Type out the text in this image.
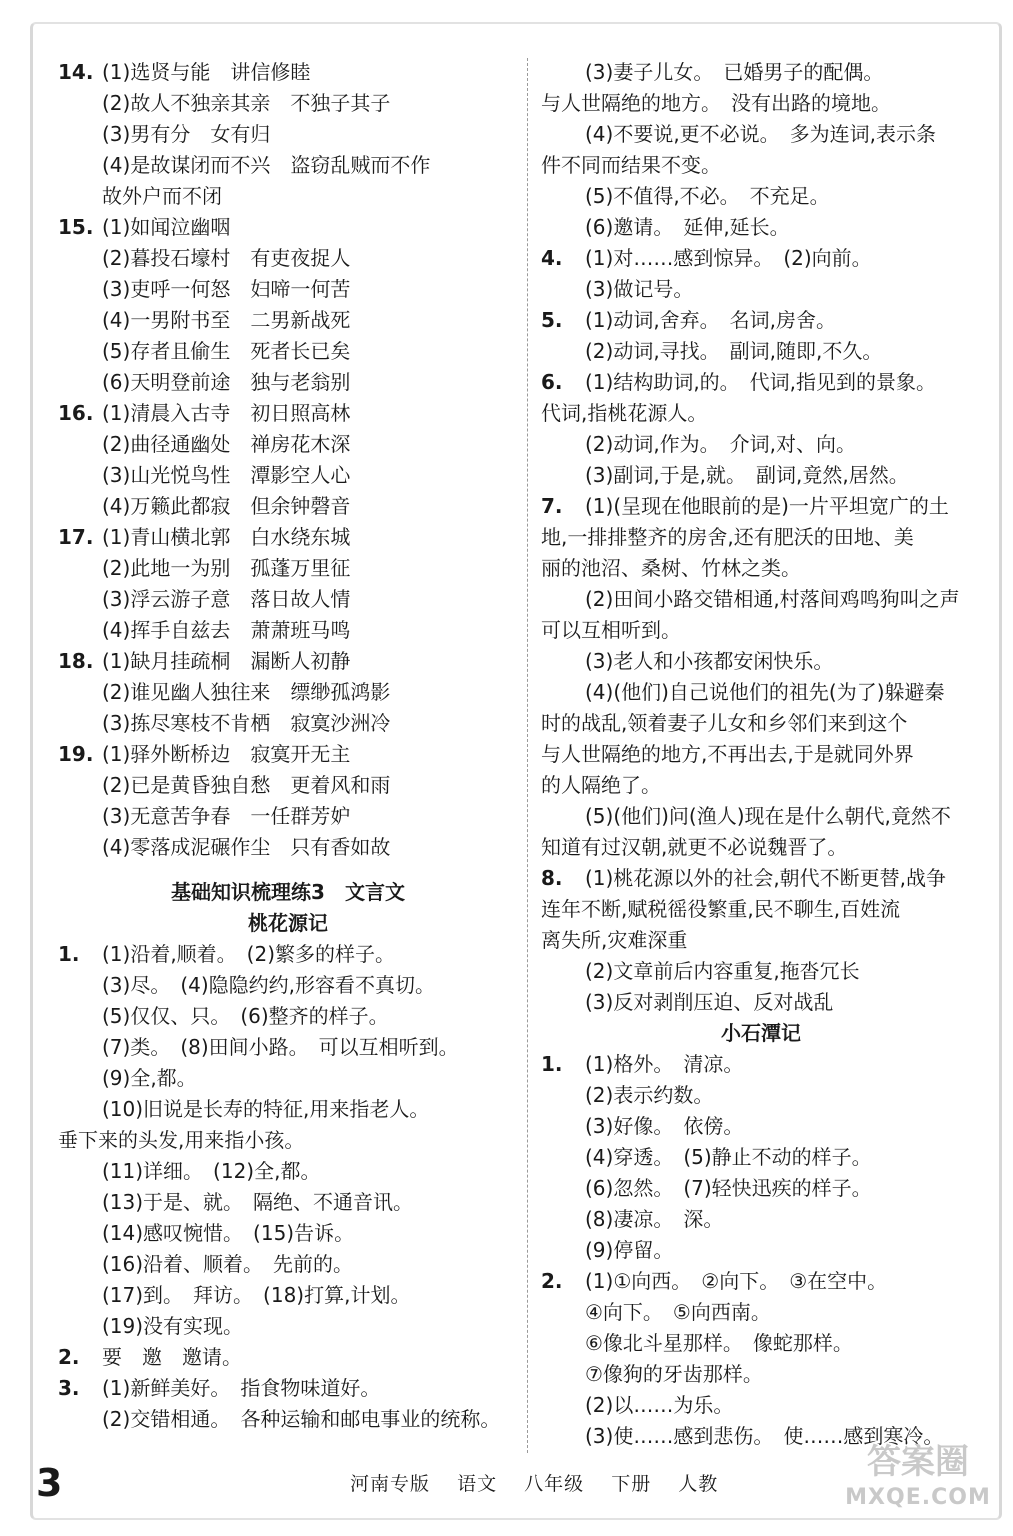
14. (1)选贤与能　讲信修睦
(2)故人不独亲其亲　不独子其子
(3)男有分　女有归
(4)是故谋闭而不兴　盗窃乱贼而不作
故外户而不闭
15. (1)如闻泣幽咽
(2)暮投石壕村　有吏夜捉人
(3)吏呼一何怒　妇啼一何苦
(4)一男附书至　二男新战死
(5)存者且偷生　死者长已矣
(6)天明登前途　独与老翁别
16. (1)清晨入古寺　初日照高林
(2)曲径通幽处　禅房花木深
(3)山光悦鸟性　潭影空人心
(4)万籁此都寂　但余钟磬音
17. (1)青山横北郭　白水绕东城
(2)此地一为别　孤蓬万里征
(3)浮云游子意　落日故人情
(4)挥手自兹去　萧萧班马鸣
18. (1)缺月挂疏桐　漏断人初静
(2)谁见幽人独往来　缥缈孤鸿影
(3)拣尽寒枝不肯栖　寂寞沙洲冷
19. (1)驿外断桥边　寂寞开无主
(2)已是黄昏独自愁　更着风和雨
(3)无意苦争春　一任群芳妒
(4)零落成泥碾作尘　只有香如故
基础知识梳理练3　文言文
桃花源记
1.	(1)沿着,顺着。　(2)繁多的样子。
(3)尽。　(4)隐隐约约,形容看不真切。
(5)仅仅、只。　(6)整齐的样子。
(7)类。　(8)田间小路。　可以互相听到。
(9)全,都。
(10)旧说是长寿的特征,用来指老人。
垂下来的头发,用来指小孩。
(11)详细。　(12)全,都。
(13)于是、就。　隔绝、不通音讯。
(14)感叹惋惜。　(15)告诉。
(16)沿着、顺着。　先前的。
(17)到。　拜访。　(18)打算,计划。
(19)没有实现。
2.	要　邀　邀请。
3.	(1)新鲜美好。　指食物味道好。
(2)交错相通。　各种运输和邮电事业的统称。
(3)妻子儿女。　已婚男子的配偶。
与人世隔绝的地方。　没有出路的境地。
(4)不要说,更不必说。　多为连词,表示条
件不同而结果不变。
(5)不值得,不必。　不充足。
(6)邀请。　延伸,延长。
4.	(1)对……感到惊异。　(2)向前。
(3)做记号。
5.	(1)动词,舍弃。　名词,房舍。
(2)动词,寻找。　副词,随即,不久。
6.	(1)结构助词,的。　代词,指见到的景象。
代词,指桃花源人。
(2)动词,作为。　介词,对、向。
(3)副词,于是,就。　副词,竟然,居然。
7.	(1)(呈现在他眼前的是)一片平坦宽广的土
地,一排排整齐的房舍,还有肥沃的田地、美
丽的池沼、桑树、竹林之类。
(2)田间小路交错相通,村落间鸡鸣狗叫之声
可以互相听到。
(3)老人和小孩都安闲快乐。
(4)(他们)自己说他们的祖先(为了)躲避秦
时的战乱,领着妻子儿女和乡邻们来到这个
与人世隔绝的地方,不再出去,于是就同外界
的人隔绝了。
(5)(他们)问(渔人)现在是什么朝代,竟然不
知道有过汉朝,就更不必说魏晋了。
8.	(1)桃花源以外的社会,朝代不断更替,战争
连年不断,赋税徭役繁重,民不聊生,百姓流
离失所,灾难深重
(2)文章前后内容重复,拖沓冗长
(3)反对剥削压迫、反对战乱
小石潭记
1.	(1)格外。　清凉。
(2)表示约数。
(3)好像。　依傍。
(4)穿透。　(5)静止不动的样子。
(6)忽然。　(7)轻快迅疾的样子。
(8)凄凉。　深。
(9)停留。
2.	(1)①向西。　②向下。　③在空中。
④向下。　⑤向西南。
⑥像北斗星那样。　像蛇那样。
⑦像狗的牙齿那样。
(2)以……为乐。
(3)使……感到悲伤。　使……感到寒冷。
3	河南专版 语文 八年级 下册 人教
答案圈
MXQE.COM
